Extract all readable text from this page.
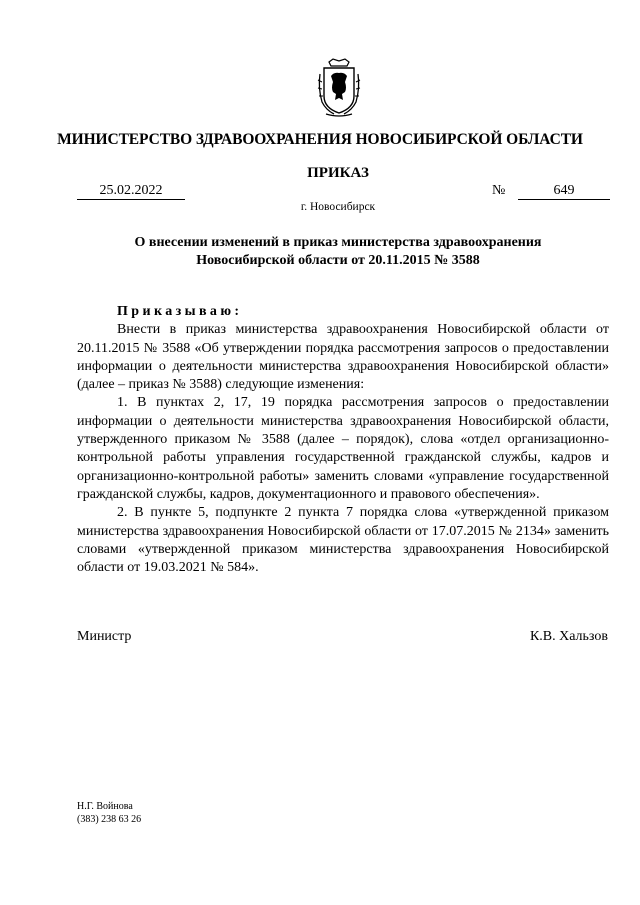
МИНИСТЕРСТВО ЗДРАВООХРАНЕНИЯ НОВОСИБИРСКОЙ ОБЛАСТИ
ПРИКАЗ
25.02.2022	№	649
г. Новосибирск
О внесении изменений в приказ министерства здравоохранения
Новосибирской области от 20.11.2015 № 3588

Приказываю:

Внести в приказ министерства здравоохранения Новосибирской области от 20.11.2015 № 3588 «Об утверждении порядка рассмотрения запросов о предоставлении информации о деятельности министерства здравоохранения Новосибирской области» (далее – приказ № 3588) следующие изменения:

1. В пунктах 2, 17, 19 порядка рассмотрения запросов о предоставлении информации о деятельности министерства здравоохранения Новосибирской области, утвержденного приказом № 3588 (далее – порядок), слова «отдел организационно-контрольной работы управления государственной гражданской службы, кадров и организационно-контрольной работы» заменить словами «управление государственной гражданской службы, кадров, документационного и правового обеспечения».

2. В пункте 5, подпункте 2 пункта 7 порядка слова «утвержденной приказом министерства здравоохранения Новосибирской области от 17.07.2015 № 2134» заменить словами «утвержденной приказом министерства здравоохранения Новосибирской области от 19.03.2021 № 584».

Министр	К.В. Хальзов
Н.Г. Войнова
(383) 238 63 26
